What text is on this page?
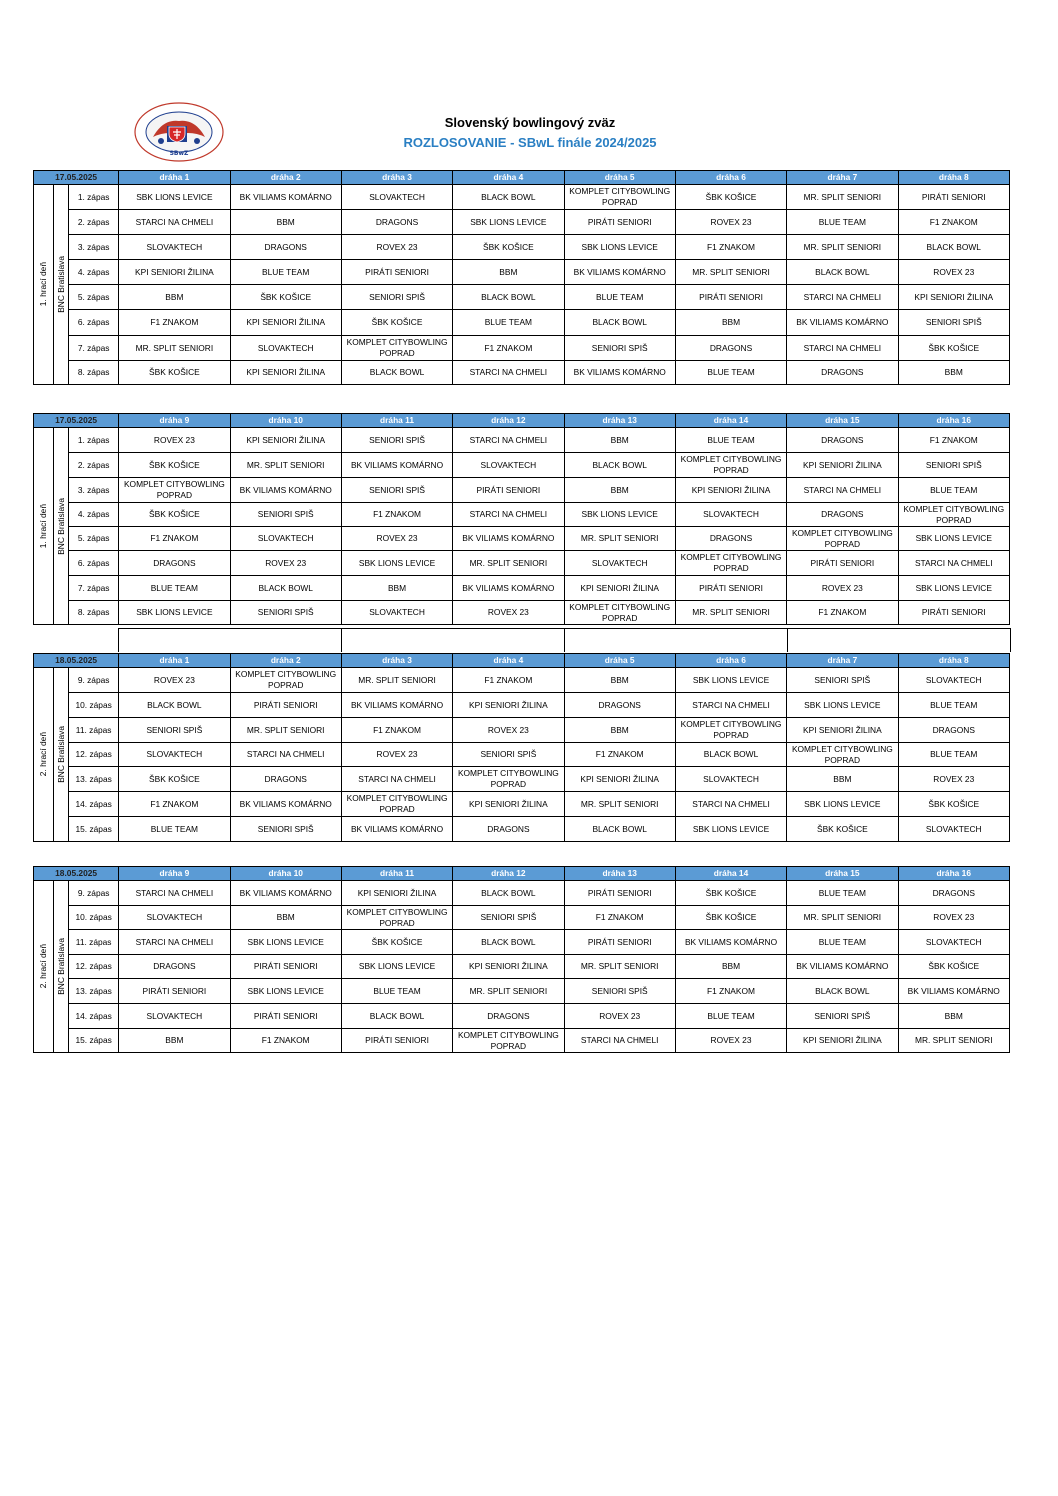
SBwZ
Slovenský bowlingový zväz
ROZLOSOVANIE - SBwL finále 2024/2025
17.05.2025			dráha 1	dráha 2	dráha 3	dráha 4	dráha 5	dráha 6	dráha 7	dráha 8

1. hrací deň	BNC Bratislava	1. zápas	SBK LIONS LEVICE	BK VILIAMS KOMÁRNO	SLOVAKTECH	BLACK BOWL	KOMPLET CITYBOWLING POPRAD	ŠBK KOŠICE	MR. SPLIT SENIORI	PIRÁTI SENIORI
		2. zápas	STARCI NA CHMELI	BBM	DRAGONS	SBK LIONS LEVICE	PIRÁTI SENIORI	ROVEX 23	BLUE TEAM	F1 ZNAKOM
		3. zápas	SLOVAKTECH	DRAGONS	ROVEX 23	ŠBK KOŠICE	SBK LIONS LEVICE	F1 ZNAKOM	MR. SPLIT SENIORI	BLACK BOWL
		4. zápas	KPI SENIORI ŽILINA	BLUE TEAM	PIRÁTI SENIORI	BBM	BK VILIAMS KOMÁRNO	MR. SPLIT SENIORI	BLACK BOWL	ROVEX 23
		5. zápas	BBM	ŠBK KOŠICE	SENIORI SPIŠ	BLACK BOWL	BLUE TEAM	PIRÁTI SENIORI	STARCI NA CHMELI	KPI SENIORI ŽILINA
		6. zápas	F1 ZNAKOM	KPI SENIORI ŽILINA	ŠBK KOŠICE	BLUE TEAM	BLACK BOWL	BBM	BK VILIAMS KOMÁRNO	SENIORI SPIŠ
		7. zápas	MR. SPLIT SENIORI	SLOVAKTECH	KOMPLET CITYBOWLING POPRAD	F1 ZNAKOM	SENIORI SPIŠ	DRAGONS	STARCI NA CHMELI	ŠBK KOŠICE
		8. zápas	ŠBK KOŠICE	KPI SENIORI ŽILINA	BLACK BOWL	STARCI NA CHMELI	BK VILIAMS KOMÁRNO	BLUE TEAM	DRAGONS	BBM
17.05.2025			dráha 9	dráha 10	dráha 11	dráha 12	dráha 13	dráha 14	dráha 15	dráha 16

1. hrací deň	BNC Bratislava	1. zápas	ROVEX 23	KPI SENIORI ŽILINA	SENIORI SPIŠ	STARCI NA CHMELI	BBM	BLUE TEAM	DRAGONS	F1 ZNAKOM
		2. zápas	ŠBK KOŠICE	MR. SPLIT SENIORI	BK VILIAMS KOMÁRNO	SLOVAKTECH	BLACK BOWL	KOMPLET CITYBOWLING POPRAD	KPI SENIORI ŽILINA	SENIORI SPIŠ
		3. zápas	KOMPLET CITYBOWLING POPRAD	BK VILIAMS KOMÁRNO	SENIORI SPIŠ	PIRÁTI SENIORI	BBM	KPI SENIORI ŽILINA	STARCI NA CHMELI	BLUE TEAM
		4. zápas	ŠBK KOŠICE	SENIORI SPIŠ	F1 ZNAKOM	STARCI NA CHMELI	SBK LIONS LEVICE	SLOVAKTECH	DRAGONS	KOMPLET CITYBOWLING POPRAD
		5. zápas	F1 ZNAKOM	SLOVAKTECH	ROVEX 23	BK VILIAMS KOMÁRNO	MR. SPLIT SENIORI	DRAGONS	KOMPLET CITYBOWLING POPRAD	SBK LIONS LEVICE
		6. zápas	DRAGONS	ROVEX 23	SBK LIONS LEVICE	MR. SPLIT SENIORI	SLOVAKTECH	KOMPLET CITYBOWLING POPRAD	PIRÁTI SENIORI	STARCI NA CHMELI
		7. zápas	BLUE TEAM	BLACK BOWL	BBM	BK VILIAMS KOMÁRNO	KPI SENIORI ŽILINA	PIRÁTI SENIORI	ROVEX 23	SBK LIONS LEVICE
		8. zápas	SBK LIONS LEVICE	SENIORI SPIŠ	SLOVAKTECH	ROVEX 23	KOMPLET CITYBOWLING POPRAD	MR. SPLIT SENIORI	F1 ZNAKOM	PIRÁTI SENIORI
18.05.2025			dráha 1	dráha 2	dráha 3	dráha 4	dráha 5	dráha 6	dráha 7	dráha 8

2. hrací deň	BNC Bratislava	9. zápas	ROVEX 23	KOMPLET CITYBOWLING POPRAD	MR. SPLIT SENIORI	F1 ZNAKOM	BBM	SBK LIONS LEVICE	SENIORI SPIŠ	SLOVAKTECH
		10. zápas	BLACK BOWL	PIRÁTI SENIORI	BK VILIAMS KOMÁRNO	KPI SENIORI ŽILINA	DRAGONS	STARCI NA CHMELI	SBK LIONS LEVICE	BLUE TEAM
		11. zápas	SENIORI SPIŠ	MR. SPLIT SENIORI	F1 ZNAKOM	ROVEX 23	BBM	KOMPLET CITYBOWLING POPRAD	KPI SENIORI ŽILINA	DRAGONS
		12. zápas	SLOVAKTECH	STARCI NA CHMELI	ROVEX 23	SENIORI SPIŠ	F1 ZNAKOM	BLACK BOWL	KOMPLET CITYBOWLING POPRAD	BLUE TEAM
		13. zápas	ŠBK KOŠICE	DRAGONS	STARCI NA CHMELI	KOMPLET CITYBOWLING POPRAD	KPI SENIORI ŽILINA	SLOVAKTECH	BBM	ROVEX 23
		14. zápas	F1 ZNAKOM	BK VILIAMS KOMÁRNO	KOMPLET CITYBOWLING POPRAD	KPI SENIORI ŽILINA	MR. SPLIT SENIORI	STARCI NA CHMELI	SBK LIONS LEVICE	ŠBK KOŠICE
		15. zápas	BLUE TEAM	SENIORI SPIŠ	BK VILIAMS KOMÁRNO	DRAGONS	BLACK BOWL	SBK LIONS LEVICE	ŠBK KOŠICE	SLOVAKTECH
18.05.2025			dráha 9	dráha 10	dráha 11	dráha 12	dráha 13	dráha 14	dráha 15	dráha 16

2. hrací deň	BNC Bratislava	9. zápas	STARCI NA CHMELI	BK VILIAMS KOMÁRNO	KPI SENIORI ŽILINA	BLACK BOWL	PIRÁTI SENIORI	ŠBK KOŠICE	BLUE TEAM	DRAGONS
		10. zápas	SLOVAKTECH	BBM	KOMPLET CITYBOWLING POPRAD	SENIORI SPIŠ	F1 ZNAKOM	ŠBK KOŠICE	MR. SPLIT SENIORI	ROVEX 23
		11. zápas	STARCI NA CHMELI	SBK LIONS LEVICE	ŠBK KOŠICE	BLACK BOWL	PIRÁTI SENIORI	BK VILIAMS KOMÁRNO	BLUE TEAM	SLOVAKTECH
		12. zápas	DRAGONS	PIRÁTI SENIORI	SBK LIONS LEVICE	KPI SENIORI ŽILINA	MR. SPLIT SENIORI	BBM	BK VILIAMS KOMÁRNO	ŠBK KOŠICE
		13. zápas	PIRÁTI SENIORI	SBK LIONS LEVICE	BLUE TEAM	MR. SPLIT SENIORI	SENIORI SPIŠ	F1 ZNAKOM	BLACK BOWL	BK VILIAMS KOMÁRNO
		14. zápas	SLOVAKTECH	PIRÁTI SENIORI	BLACK BOWL	DRAGONS	ROVEX 23	BLUE TEAM	SENIORI SPIŠ	BBM
		15. zápas	BBM	F1 ZNAKOM	PIRÁTI SENIORI	KOMPLET CITYBOWLING POPRAD	STARCI NA CHMELI	ROVEX 23	KPI SENIORI ŽILINA	MR. SPLIT SENIORI
